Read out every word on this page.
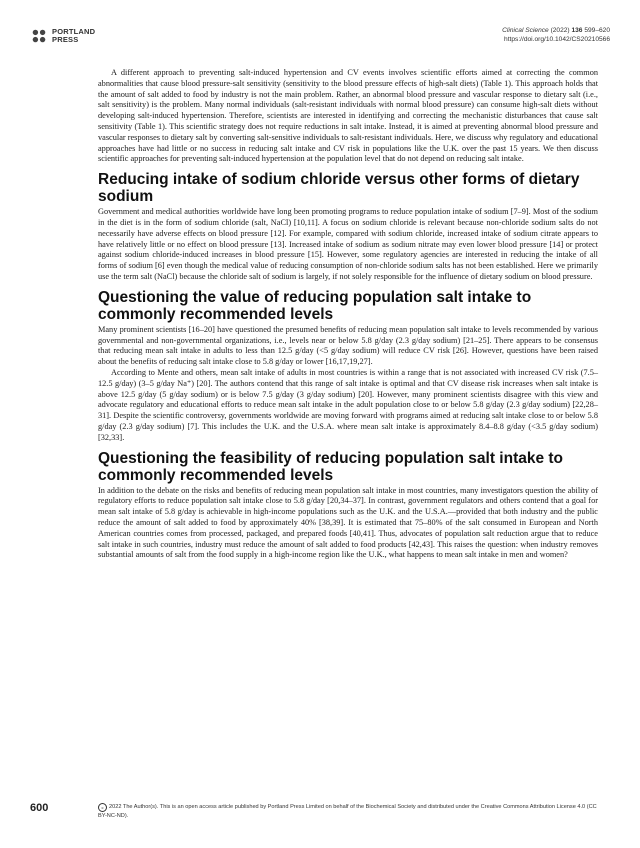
PORTLAND
PRESS
Clinical Science (2022) 136 599–620
https://doi.org/10.1042/CS20210566

A different approach to preventing salt-induced hypertension and CV events involves scientific efforts aimed at correcting the common abnormalities that cause blood pressure-salt sensitivity (sensitivity to the blood pressure effects of high-salt diets) (Table 1). This approach holds that the amount of salt added to food by industry is not the main problem. Rather, an abnormal blood pressure and vascular response to dietary salt (i.e., salt sensitivity) is the problem. Many normal individuals (salt-resistant individuals with normal blood pressure) can consume high-salt diets without developing salt-induced hypertension. Therefore, scientists are interested in identifying and correcting the mechanistic disturbances that cause salt sensitivity (Table 1). This scientific strategy does not require reductions in salt intake. Instead, it is aimed at preventing abnormal blood pressure and vascular responses to dietary salt by converting salt-sensitive individuals to salt-resistant individuals. Here, we discuss why regulatory and educational approaches have had little or no success in reducing salt intake and CV risk in populations like the U.K. over the past 15 years. We then discuss scientific approaches for preventing salt-induced hypertension at the population level that do not depend on reducing salt intake.

Reducing intake of sodium chloride versus other forms of dietary sodium

Government and medical authorities worldwide have long been promoting programs to reduce population intake of sodium [7–9]. Most of the sodium in the diet is in the form of sodium chloride (salt, NaCl) [10,11]. A focus on sodium chloride is relevant because non-chloride sodium salts do not necessarily have adverse effects on blood pressure [12]. For example, compared with sodium chloride, increased intake of sodium citrate appears to have relatively little or no effect on blood pressure [13]. Increased intake of sodium as sodium nitrate may even lower blood pressure [14] or protect against sodium chloride-induced increases in blood pressure [15]. However, some regulatory agencies are interested in reducing the intake of all forms of sodium [6] even though the medical value of reducing consumption of non-chloride sodium salts has not been established. Here we primarily use the term salt (NaCl) because the chloride salt of sodium is largely, if not solely responsible for the influence of dietary sodium on blood pressure.

Questioning the value of reducing population salt intake to commonly recommended levels

Many prominent scientists [16–20] have questioned the presumed benefits of reducing mean population salt intake to levels recommended by various governmental and non-governmental organizations, i.e., levels near or below 5.8 g/day (2.3 g/day sodium) [21–25]. There appears to be consensus that reducing mean salt intake in adults to less than 12.5 g/day (<5 g/day sodium) will reduce CV risk [26]. However, questions have been raised about the benefits of reducing salt intake close to 5.8 g/day or lower [16,17,19,27].

According to Mente and others, mean salt intake of adults in most countries is within a range that is not associated with increased CV risk (7.5–12.5 g/day) (3–5 g/day Na⁺) [20]. The authors contend that this range of salt intake is optimal and that CV disease risk increases when salt intake is above 12.5 g/day (5 g/day sodium) or is below 7.5 g/day (3 g/day sodium) [20]. However, many prominent scientists disagree with this view and advocate regulatory and educational efforts to reduce mean salt intake in the adult population close to or below 5.8 g/day (2.3 g/day sodium) [22,28–31]. Despite the scientific controversy, governments worldwide are moving forward with programs aimed at reducing salt intake close to or below 5.8 g/day (2.3 g/day sodium) [7]. This includes the U.K. and the U.S.A. where mean salt intake is approximately 8.4–8.8 g/day (<3.5 g/day sodium) [32,33].

Questioning the feasibility of reducing population salt intake to commonly recommended levels

In addition to the debate on the risks and benefits of reducing mean population salt intake in most countries, many investigators question the ability of regulatory efforts to reduce population salt intake close to 5.8 g/day [20,34–37]. In contrast, government regulators and others contend that a goal for mean salt intake of 5.8 g/day is achievable in high-income populations such as the U.K. and the U.S.A.—provided that both industry and the public reduce the amount of salt added to food by approximately 40% [38,39]. It is estimated that 75–80% of the salt consumed in European and North American countries comes from processed, packaged, and prepared foods [40,41]. Thus, advocates of population salt reduction argue that to reduce salt intake in such countries, industry must reduce the amount of salt added to food products [42,43]. This raises the question: when industry removes substantial amounts of salt from the food supply in a high-income region like the U.K., what happens to mean salt intake in men and women?

600	c 2022 The Author(s). This is an open access article published by Portland Press Limited on behalf of the Biochemical Society and distributed under the Creative Commons Attribution License 4.0 (CC BY-NC-ND).
